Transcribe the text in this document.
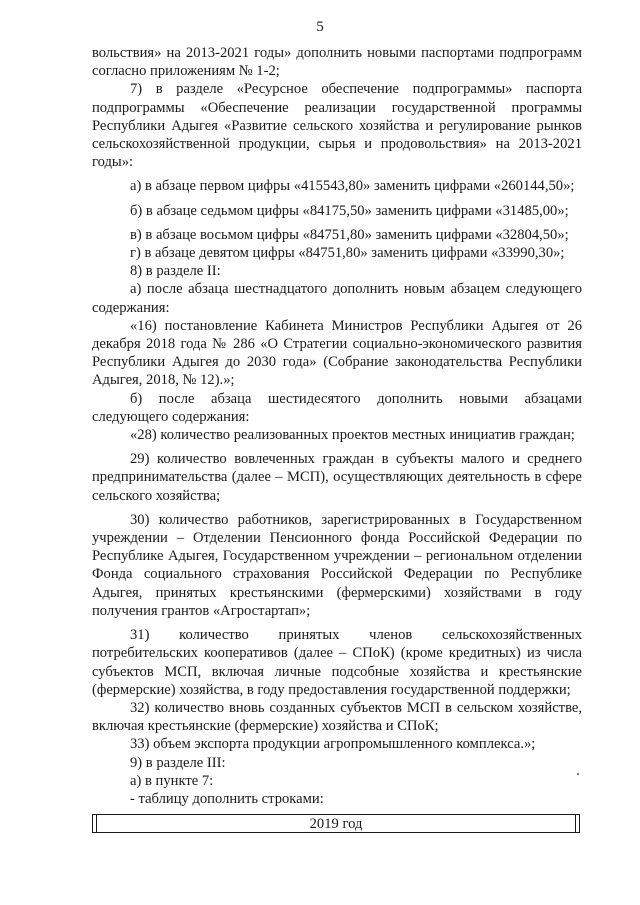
5

вольствия» на 2013-2021 годы» дополнить новыми паспортами подпрограмм согласно приложениям № 1-2;

7) в разделе «Ресурсное обеспечение подпрограммы» паспорта подпрограммы «Обеспечение реализации государственной программы Республики Адыгея «Развитие сельского хозяйства и регулирование рынков сельскохозяйственной продукции, сырья и продовольствия» на 2013-2021 годы»:

а) в абзаце первом цифры «415543,80» заменить цифрами «260144,50»;

б) в абзаце седьмом цифры «84175,50» заменить цифрами «31485,00»;

в) в абзаце восьмом цифры «84751,80» заменить цифрами «32804,50»;

г) в абзаце девятом цифры «84751,80» заменить цифрами «33990,30»;

8) в разделе II:

а) после абзаца шестнадцатого дополнить новым абзацем следующего содержания:

«16) постановление Кабинета Министров Республики Адыгея от 26 декабря 2018 года № 286 «О Стратегии социально-экономического развития Республики Адыгея до 2030 года» (Собрание законодательства Республики Адыгея, 2018, № 12).»;

б) после абзаца шестидесятого дополнить новыми абзацами следующего содержания:

«28) количество реализованных проектов местных инициатив граждан;

29) количество вовлеченных граждан в субъекты малого и среднего предпринимательства (далее – МСП), осуществляющих деятельность в сфере сельского хозяйства;

30) количество работников, зарегистрированных в Государственном учреждении – Отделении Пенсионного фонда Российской Федерации по Республике Адыгея, Государственном учреждении – региональном отделении Фонда социального страхования Российской Федерации по Республике Адыгея, принятых крестьянскими (фермерскими) хозяйствами в году получения грантов «Агростартап»;

31) количество принятых членов сельскохозяйственных потребительских кооперативов (далее – СПоК) (кроме кредитных) из числа субъектов МСП, включая личные подсобные хозяйства и крестьянские (фермерские) хозяйства, в году предоставления государственной поддержки;

32) количество вновь созданных субъектов МСП в сельском хозяйстве, включая крестьянские (фермерские) хозяйства и СПоК;

33) объем экспорта продукции агропромышленного комплекса.»;

9) в разделе III:

а) в пункте 7:

- таблицу дополнить строками:

2019 год
